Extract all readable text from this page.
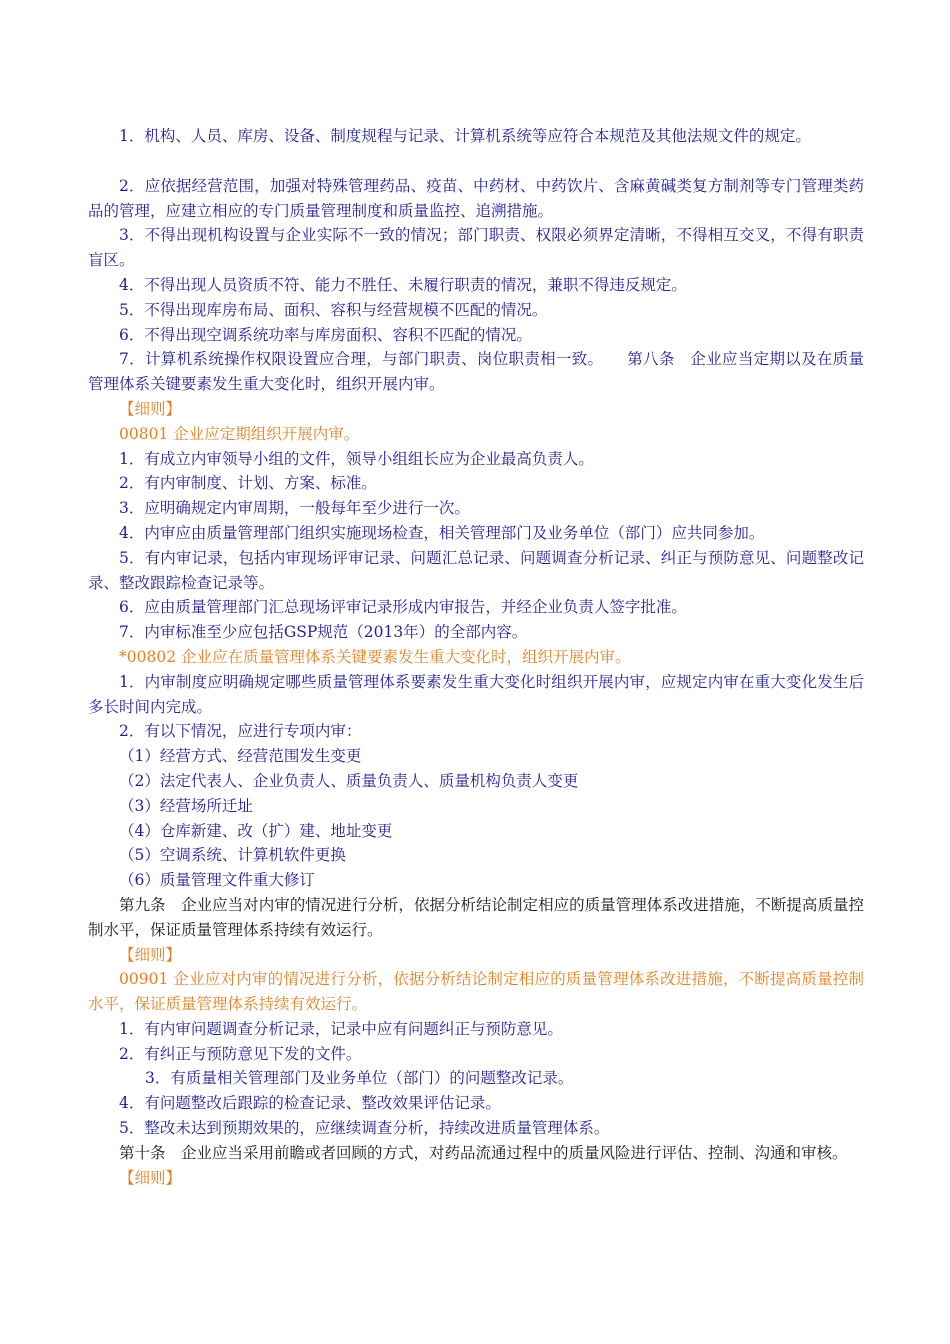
1．机构、人员、库房、设备、制度规程与记录、计算机系统等应符合本规范及其他法规文件的规定。

2．应依据经营范围，加强对特殊管理药品、疫苗、中药材、中药饮片、含麻黄碱类复方制剂等专门管理类药品的管理，应建立相应的专门质量管理制度和质量监控、追溯措施。

3．不得出现机构设置与企业实际不一致的情况；部门职责、权限必须界定清晰，不得相互交叉，不得有职责盲区。

4．不得出现人员资质不符、能力不胜任、未履行职责的情况，兼职不得违反规定。

5．不得出现库房布局、面积、容积与经营规模不匹配的情况。

6．不得出现空调系统功率与库房面积、容积不匹配的情况。

7．计算机系统操作权限设置应合理，与部门职责、岗位职责相一致。　　第八条　企业应当定期以及在质量管理体系关键要素发生重大变化时，组织开展内审。

【细则】

00801 企业应定期组织开展内审。

1．有成立内审领导小组的文件，领导小组组长应为企业最高负责人。

2．有内审制度、计划、方案、标准。

3．应明确规定内审周期，一般每年至少进行一次。

4．内审应由质量管理部门组织实施现场检查，相关管理部门及业务单位（部门）应共同参加。

5．有内审记录，包括内审现场评审记录、问题汇总记录、问题调查分析记录、纠正与预防意见、问题整改记录、整改跟踪检查记录等。

6．应由质量管理部门汇总现场评审记录形成内审报告，并经企业负责人签字批准。

7．内审标准至少应包括GSP规范（2013年）的全部内容。

*00802 企业应在质量管理体系关键要素发生重大变化时，组织开展内审。

1．内审制度应明确规定哪些质量管理体系要素发生重大变化时组织开展内审，应规定内审在重大变化发生后多长时间内完成。

2．有以下情况，应进行专项内审：

（1）经营方式、经营范围发生变更

（2）法定代表人、企业负责人、质量负责人、质量机构负责人变更

（3）经营场所迁址

（4）仓库新建、改（扩）建、地址变更

（5）空调系统、计算机软件更换

（6）质量管理文件重大修订

第九条　企业应当对内审的情况进行分析，依据分析结论制定相应的质量管理体系改进措施，不断提高质量控制水平，保证质量管理体系持续有效运行。

【细则】

00901 企业应对内审的情况进行分析，依据分析结论制定相应的质量管理体系改进措施，不断提高质量控制水平，保证质量管理体系持续有效运行。

1．有内审问题调查分析记录，记录中应有问题纠正与预防意见。

2．有纠正与预防意见下发的文件。

3．有质量相关管理部门及业务单位（部门）的问题整改记录。

4．有问题整改后跟踪的检查记录、整改效果评估记录。

5．整改未达到预期效果的，应继续调查分析，持续改进质量管理体系。

第十条　企业应当采用前瞻或者回顾的方式，对药品流通过程中的质量风险进行评估、控制、沟通和审核。

【细则】
